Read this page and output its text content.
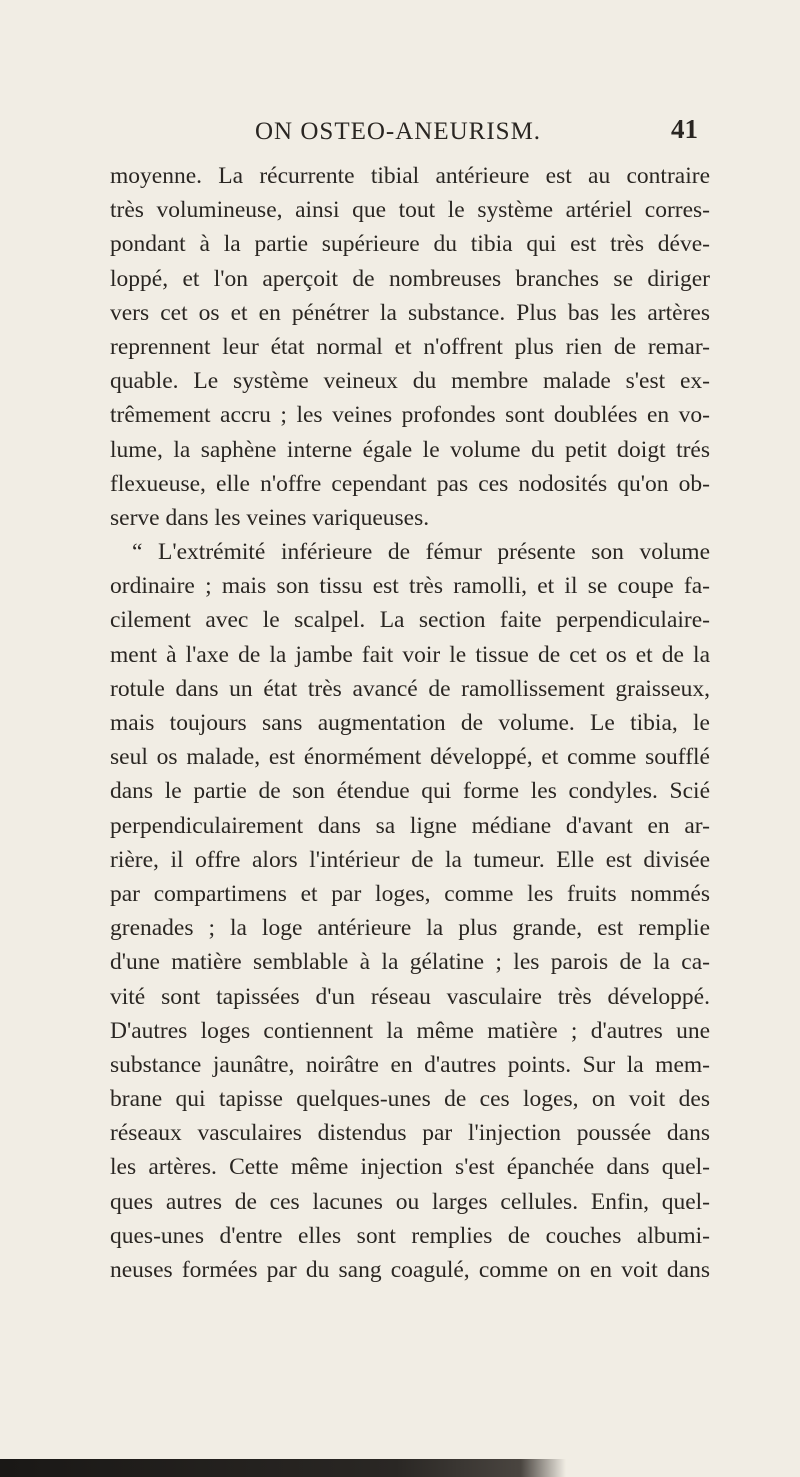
ON OSTEO-ANEURISM.	41
moyenne. La récurrente tibial antérieure est au contraire
très volumineuse, ainsi que tout le système artériel corres-
pondant à la partie supérieure du tibia qui est très déve-
loppé, et l'on aperçoit de nombreuses branches se diriger
vers cet os et en pénétrer la substance. Plus bas les artères
reprennent leur état normal et n'offrent plus rien de remar-
quable. Le système veineux du membre malade s'est ex-
trêmement accru ; les veines profondes sont doublées en vo-
lume, la saphène interne égale le volume du petit doigt trés
flexueuse, elle n'offre cependant pas ces nodosités qu'on ob-
serve dans les veines variqueuses.
“ L'extrémité inférieure de fémur présente son volume
ordinaire ; mais son tissu est très ramolli, et il se coupe fa-
cilement avec le scalpel. La section faite perpendiculaire-
ment à l'axe de la jambe fait voir le tissue de cet os et de la
rotule dans un état très avancé de ramollissement graisseux,
mais toujours sans augmentation de volume. Le tibia, le
seul os malade, est énormément développé, et comme soufflé
dans le partie de son étendue qui forme les condyles. Scié
perpendiculairement dans sa ligne médiane d'avant en ar-
rière, il offre alors l'intérieur de la tumeur. Elle est divisée
par compartimens et par loges, comme les fruits nommés
grenades ; la loge antérieure la plus grande, est remplie
d'une matière semblable à la gélatine ; les parois de la ca-
vité sont tapissées d'un réseau vasculaire très développé.
D'autres loges contiennent la même matière ; d'autres une
substance jaunâtre, noirâtre en d'autres points. Sur la mem-
brane qui tapisse quelques-unes de ces loges, on voit des
réseaux vasculaires distendus par l'injection poussée dans
les artères. Cette même injection s'est épanchée dans quel-
ques autres de ces lacunes ou larges cellules. Enfin, quel-
ques-unes d'entre elles sont remplies de couches albumi-
neuses formées par du sang coagulé, comme on en voit dans
